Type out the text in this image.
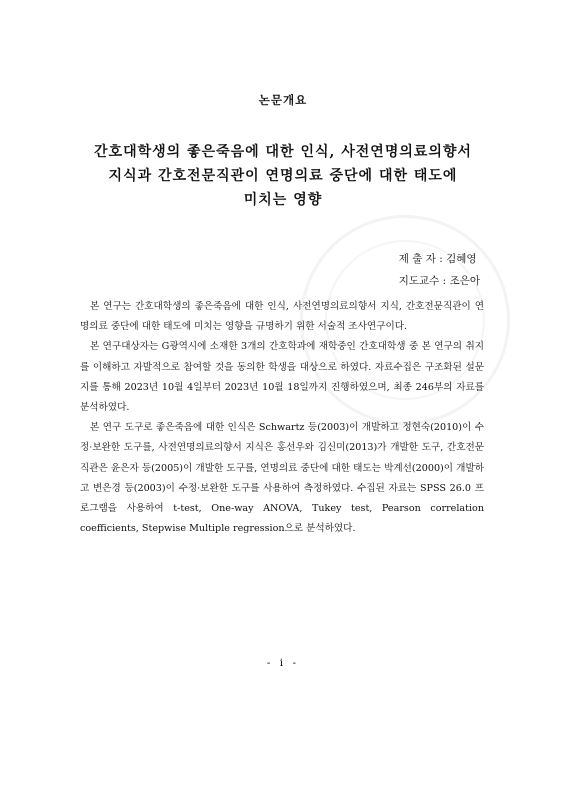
논문개요
간호대학생의 좋은죽음에 대한 인식, 사전연명의료의향서
지식과 간호전문직관이 연명의료 중단에 대한 태도에
미치는 영향
제 출 자 : 김혜영
지도교수 : 조은아

본 연구는 간호대학생의 좋은죽음에 대한 인식, 사전연명의료의향서 지식, 간호전문직관이 연명의료 중단에 대한 태도에 미치는 영향을 규명하기 위한 서술적 조사연구이다.

본 연구대상자는 G광역시에 소재한 3개의 간호학과에 재학중인 간호대학생 중 본 연구의 취지를 이해하고 자발적으로 참여할 것을 동의한 학생을 대상으로 하였다. 자료수집은 구조화된 설문지를 통해 2023년 10월 4일부터 2023년 10월 18일까지 진행하였으며, 최종 246부의 자료를 분석하였다.

본 연구 도구로 좋은죽음에 대한 인식은 Schwartz 등(2003)이 개발하고 정현숙(2010)이 수정·보완한 도구를, 사전연명의료의향서 지식은 홍선우와 김신미(2013)가 개발한 도구, 간호전문직관은 윤은자 등(2005)이 개발한 도구를, 연명의료 중단에 대한 태도는 박계선(2000)이 개발하고 변은경 등(2003)이 수정·보완한 도구를 사용하여 측정하였다. 수집된 자료는 SPSS 26.0 프로그램을 사용하여 t-test, One-way ANOVA, Tukey test, Pearson correlation coefficients, Stepwise Multiple regression으로 분석하였다.

- i -
